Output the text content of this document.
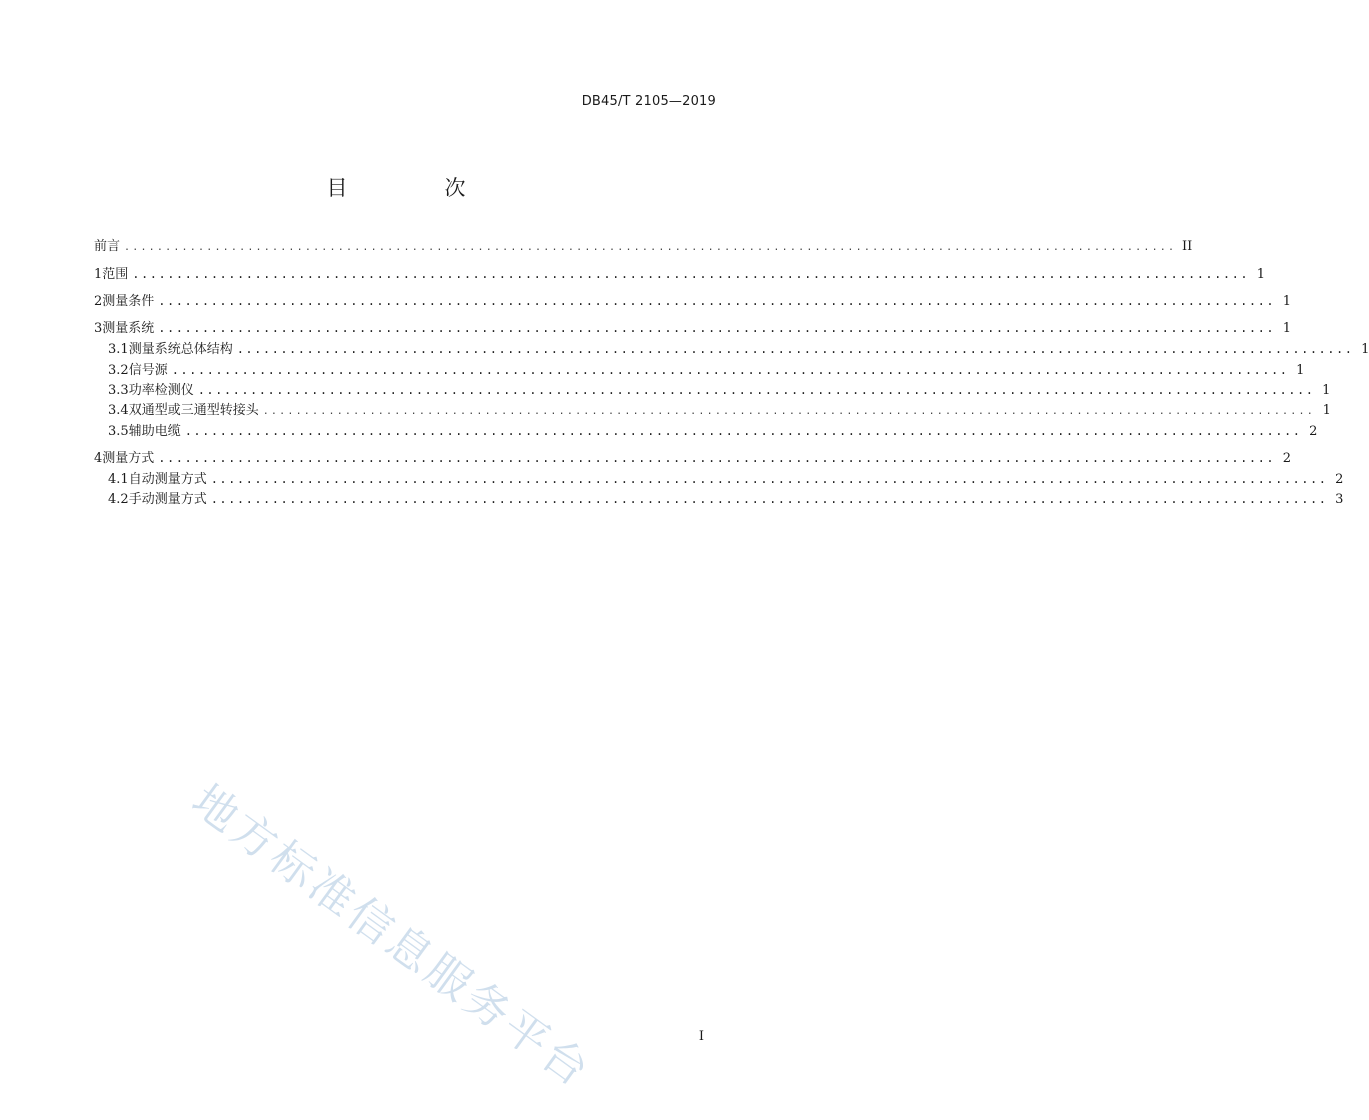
DB45/T 2105—2019
目　次
前言 ................................................................................................................................ II
1 范围 ................................................................................................................................ 1
2 测量条件 ................................................................................................................................ 1
3 测量系统 ................................................................................................................................ 1
3.1 测量系统总体结构 ................................................................................................................................ 1
3.2 信号源 ................................................................................................................................ 1
3.3 功率检测仪 ................................................................................................................................ 1
3.4 双通型或三通型转接头 ................................................................................................................................ 1
3.5 辅助电缆 ................................................................................................................................ 2
4 测量方式 ................................................................................................................................ 2
4.1 自动测量方式 ................................................................................................................................ 2
4.2 手动测量方式 ................................................................................................................................ 3
地方标准信息服务平台	I
